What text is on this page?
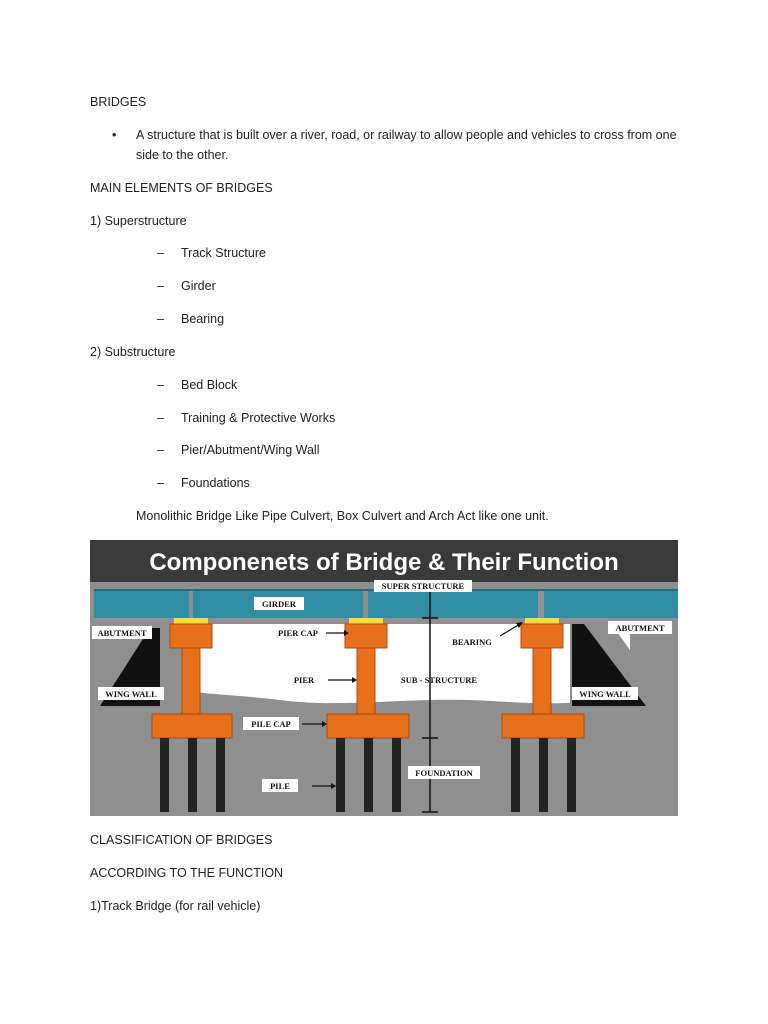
BRIDGES
• A structure that is built over a river, road, or railway to allow people and vehicles to cross from one side to the other.
MAIN ELEMENTS OF BRIDGES
1) Superstructure
– Track Structure
– Girder
– Bearing
2) Substructure
– Bed Block
– Training & Protective Works
– Pier/Abutment/Wing Wall
– Foundations
Monolithic Bridge Like Pipe Culvert, Box Culvert and Arch Act like one unit.
Componenets of Bridge & Their Function
SUPER STRUCTURE
GIRDER
ABUTMENT	ABUTMENT
PIER CAP
BEARING
PIER	SUB - STRUCTURE
WING WALL	WING WALL
PILE CAP
FOUNDATION
PILE
CLASSIFICATION OF BRIDGES
ACCORDING TO THE FUNCTION
1)Track Bridge (for rail vehicle)
